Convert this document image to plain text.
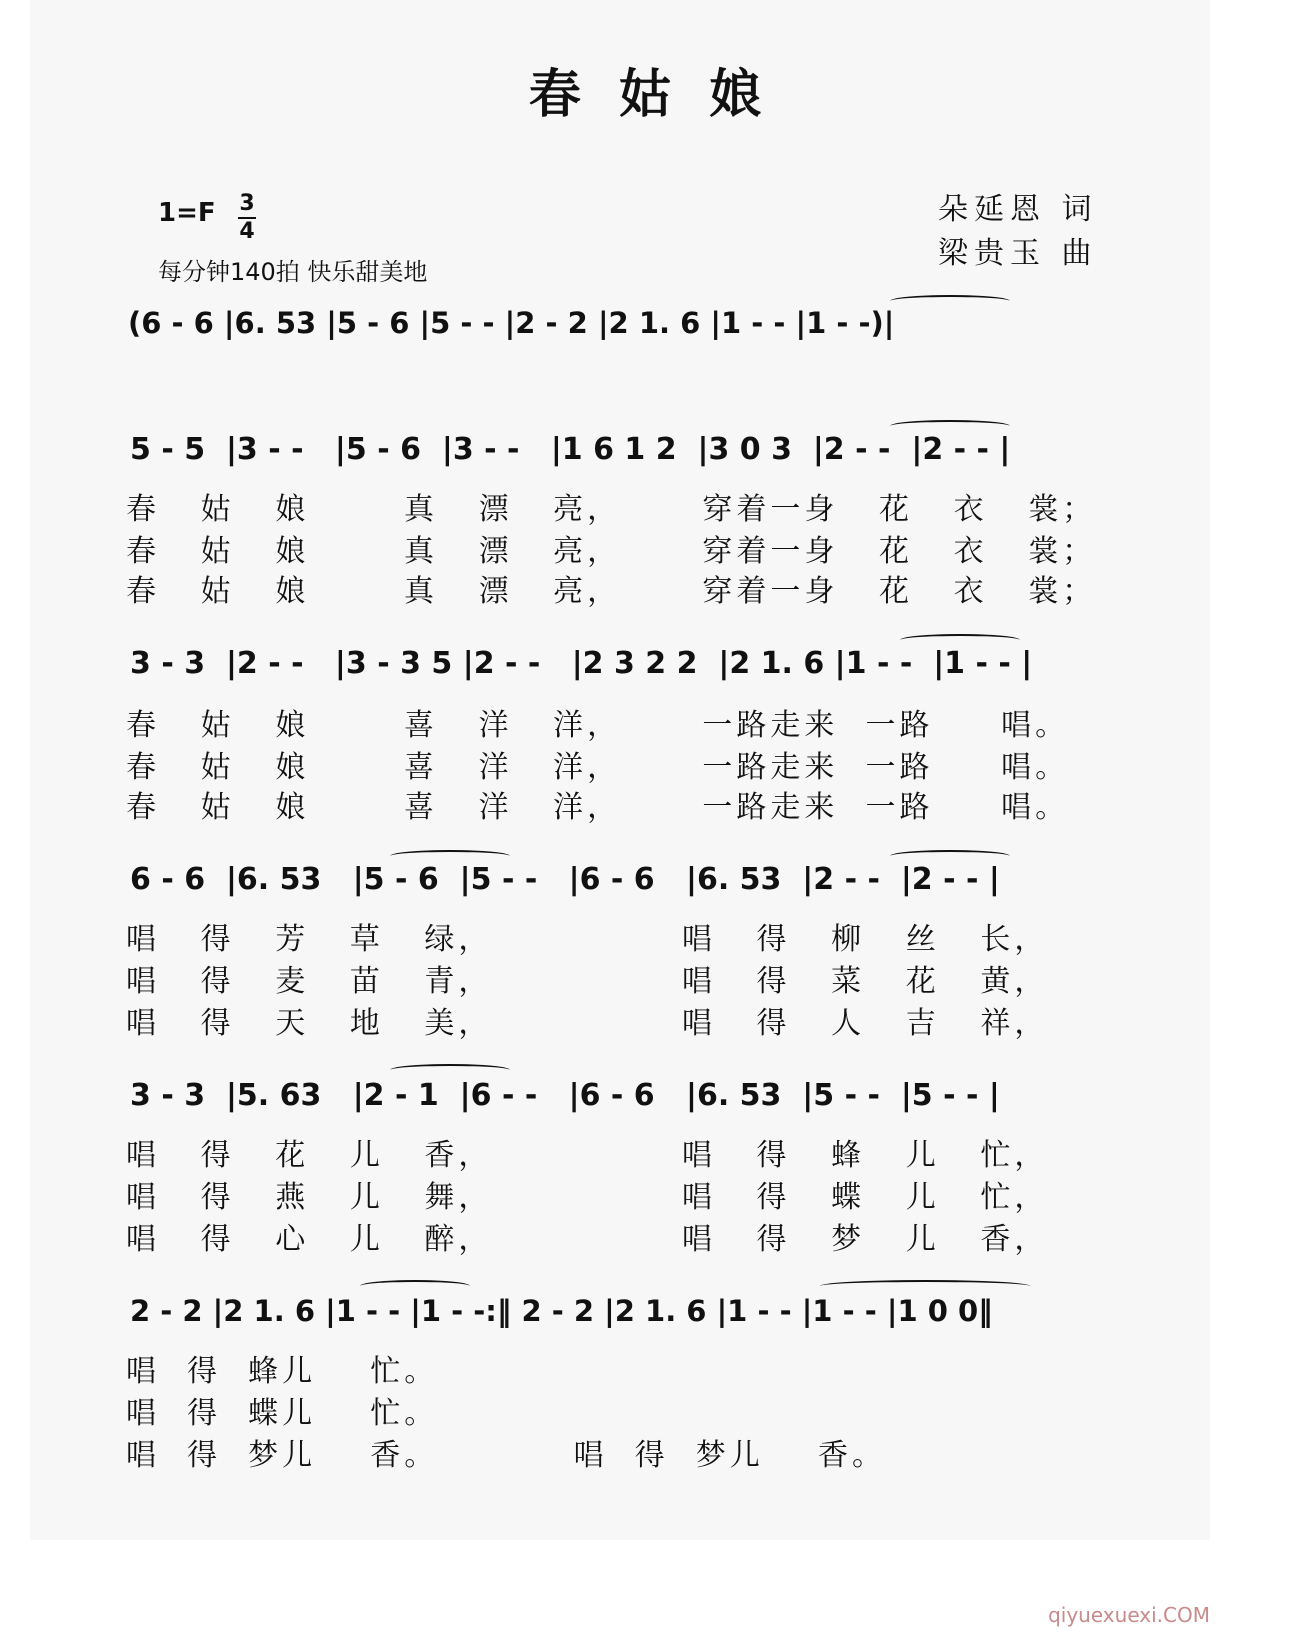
春 姑 娘
1=F 3
4
每分钟140拍 快乐甜美地
朵延恩 词
梁贵玉 曲
(6 - 6 |6. 53 |5 - 6 |5 - - |2 - 2 |2 1. 6 |1 - - |1 - -)|
5 - 5  |3 - -   |5 - 6  |3 - -   |1 6 1 2  |3 0 3  |2 - -  |2 - - |
春   姑   娘       真   漂   亮，      穿着一身   花   衣   裳；
春   姑   娘       真   漂   亮，      穿着一身   花   衣   裳；
春   姑   娘       真   漂   亮，      穿着一身   花   衣   裳；
3 - 3  |2 - -   |3 - 3 5 |2 - -   |2 3 2 2  |2 1. 6 |1 - -  |1 - - |
春   姑   娘       喜   洋   洋，      一路走来  一路     唱。
春   姑   娘       喜   洋   洋，      一路走来  一路     唱。
春   姑   娘       喜   洋   洋，      一路走来  一路     唱。
6 - 6  |6. 53   |5 - 6  |5 - -   |6 - 6   |6. 53  |2 - -  |2 - - |
唱   得   芳   草   绿，              唱   得   柳   丝   长，
唱   得   麦   苗   青，              唱   得   菜   花   黄，
唱   得   天   地   美，              唱   得   人   吉   祥，
3 - 3  |5. 63   |2 - 1  |6 - -   |6 - 6   |6. 53  |5 - -  |5 - - |
唱   得   花   儿   香，              唱   得   蜂   儿   忙，
唱   得   燕   儿   舞，              唱   得   蝶   儿   忙，
唱   得   心   儿   醉，              唱   得   梦   儿   香，
2 - 2 |2 1. 6 |1 - - |1 - -:‖ 2 - 2 |2 1. 6 |1 - - |1 - - |1 0 0‖
唱  得  蜂儿    忙。
唱  得  蝶儿    忙。
唱  得  梦儿    香。          唱  得  梦儿    香。
qiyuexuexi.COM
